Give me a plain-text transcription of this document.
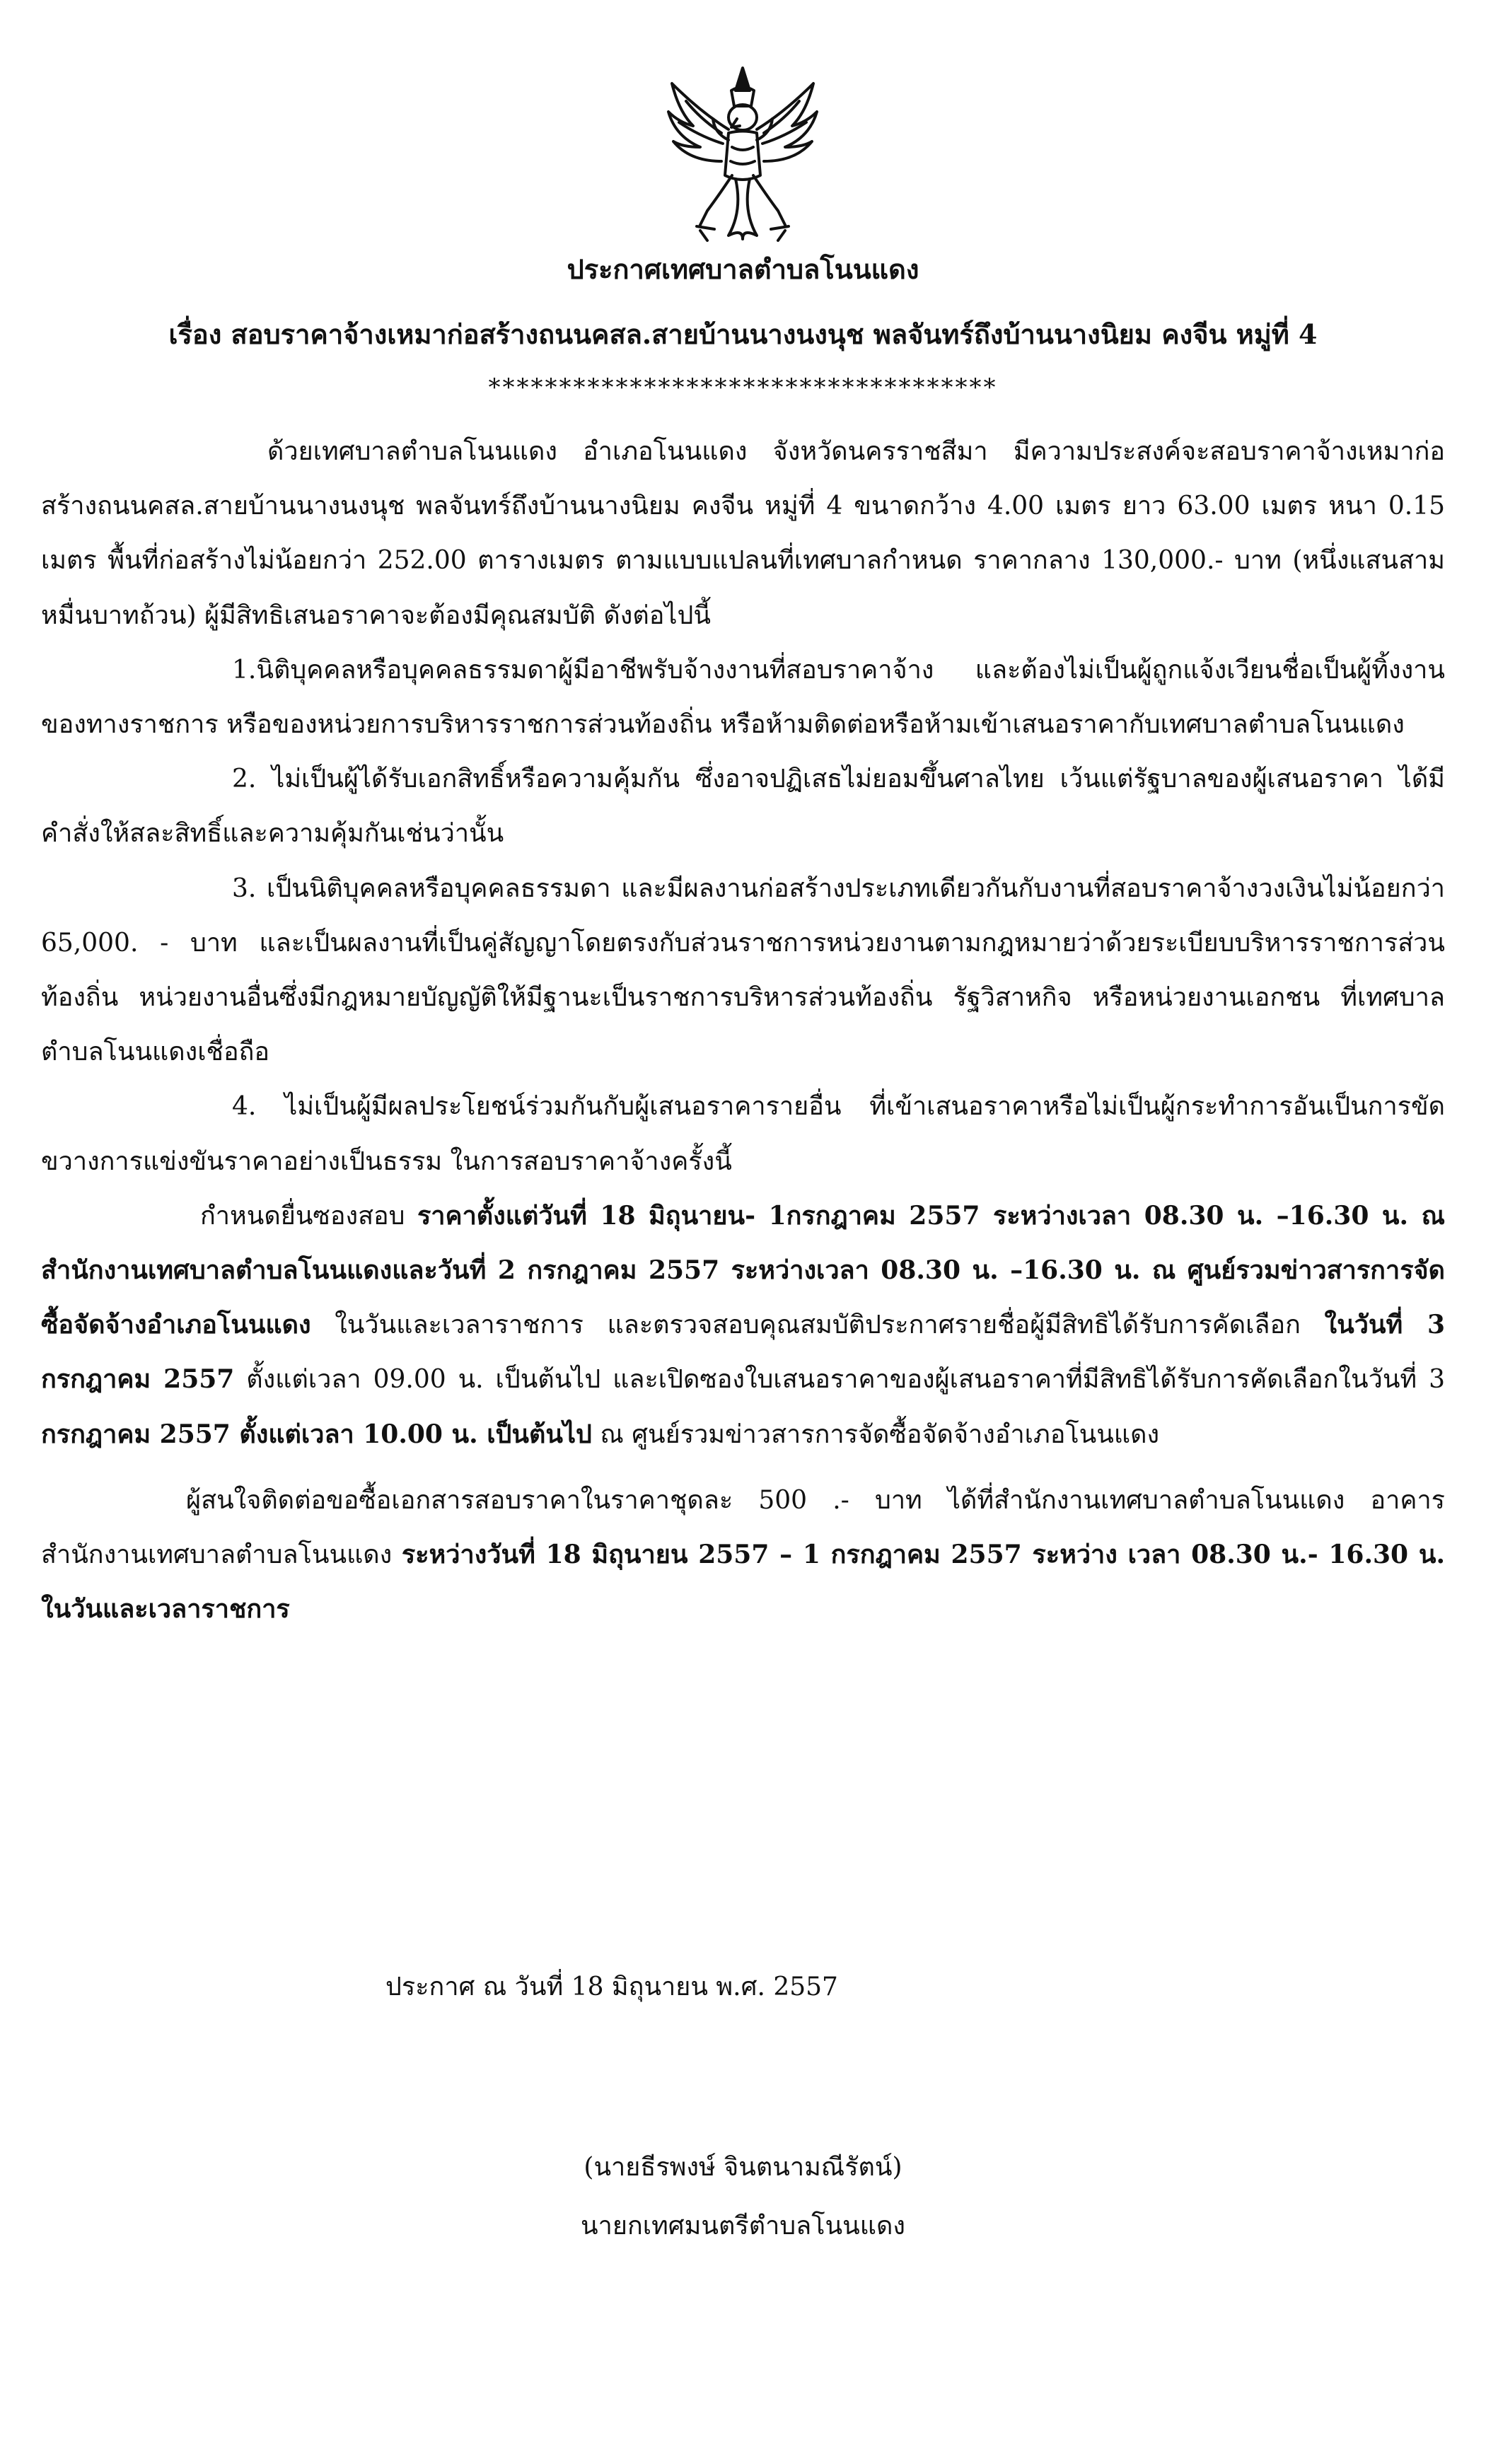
ประกาศเทศบาลตำบลโนนแดง
เรื่อง สอบราคาจ้างเหมาก่อสร้างถนนคสล.สายบ้านนางนงนุช พลจันทร์ถึงบ้านนางนิยม คงจีน หมู่ที่ 4
************************************

ด้วยเทศบาลตำบลโนนแดง อำเภอโนนแดง จังหวัดนครราชสีมา มีความประสงค์จะสอบราคาจ้างเหมาก่อสร้างถนนคสล.สายบ้านนางนงนุช พลจันทร์ถึงบ้านนางนิยม คงจีน หมู่ที่ 4 ขนาดกว้าง 4.00 เมตร ยาว 63.00 เมตร หนา 0.15 เมตร พื้นที่ก่อสร้างไม่น้อยกว่า 252.00 ตารางเมตร ตามแบบแปลนที่เทศบาลกำหนด ราคากลาง 130,000.- บาท (หนึ่งแสนสามหมื่นบาทถ้วน) ผู้มีสิทธิเสนอราคาจะต้องมีคุณสมบัติ ดังต่อไปนี้

1.นิติบุคคลหรือบุคคลธรรมดาผู้มีอาชีพรับจ้างงานที่สอบราคาจ้าง และต้องไม่เป็นผู้ถูกแจ้งเวียนชื่อเป็นผู้ทิ้งงานของทางราชการ หรือของหน่วยการบริหารราชการส่วนท้องถิ่น หรือห้ามติดต่อหรือห้ามเข้าเสนอราคากับเทศบาลตำบลโนนแดง

2. ไม่เป็นผู้ได้รับเอกสิทธิ์หรือความคุ้มกัน ซึ่งอาจปฏิเสธไม่ยอมขึ้นศาลไทย เว้นแต่รัฐบาลของผู้เสนอราคา ได้มีคำสั่งให้สละสิทธิ์และความคุ้มกันเช่นว่านั้น

3. เป็นนิติบุคคลหรือบุคคลธรรมดา และมีผลงานก่อสร้างประเภทเดียวกันกับงานที่สอบราคาจ้างวงเงินไม่น้อยกว่า 65,000. - บาท และเป็นผลงานที่เป็นคู่สัญญาโดยตรงกับส่วนราชการหน่วยงานตามกฎหมายว่าด้วยระเบียบบริหารราชการส่วนท้องถิ่น หน่วยงานอื่นซึ่งมีกฎหมายบัญญัติให้มีฐานะเป็นราชการบริหารส่วนท้องถิ่น รัฐวิสาหกิจ หรือหน่วยงานเอกชน ที่เทศบาลตำบลโนนแดงเชื่อถือ

4. ไม่เป็นผู้มีผลประโยชน์ร่วมกันกับผู้เสนอราคารายอื่น ที่เข้าเสนอราคาหรือไม่เป็นผู้กระทำการอันเป็นการขัดขวางการแข่งขันราคาอย่างเป็นธรรม ในการสอบราคาจ้างครั้งนี้

กำหนดยื่นซองสอบ ราคาตั้งแต่วันที่ 18 มิถุนายน- 1กรกฎาคม 2557 ระหว่างเวลา 08.30 น. –16.30 น. ณ สำนักงานเทศบาลตำบลโนนแดงและวันที่ 2 กรกฎาคม 2557 ระหว่างเวลา 08.30 น. –16.30 น. ณ ศูนย์รวมข่าวสารการจัดซื้อจัดจ้างอำเภอโนนแดง ในวันและเวลาราชการ และตรวจสอบคุณสมบัติประกาศรายชื่อผู้มีสิทธิได้รับการคัดเลือก ในวันที่ 3 กรกฎาคม 2557 ตั้งแต่เวลา 09.00 น. เป็นต้นไป และเปิดซองใบเสนอราคาของผู้เสนอราคาที่มีสิทธิได้รับการคัดเลือกในวันที่ 3 กรกฎาคม 2557 ตั้งแต่เวลา 10.00 น. เป็นต้นไป ณ ศูนย์รวมข่าวสารการจัดซื้อจัดจ้างอำเภอโนนแดง

ผู้สนใจติดต่อขอซื้อเอกสารสอบราคาในราคาชุดละ 500 .- บาท ได้ที่สำนักงานเทศบาลตำบลโนนแดง อาคารสำนักงานเทศบาลตำบลโนนแดง ระหว่างวันที่ 18 มิถุนายน 2557 – 1 กรกฎาคม 2557 ระหว่าง เวลา 08.30 น.- 16.30 น. ในวันและเวลาราชการ

ประกาศ ณ วันที่ 18 มิถุนายน พ.ศ. 2557
(นายธีรพงษ์ จินตนามณีรัตน์)
นายกเทศมนตรีตำบลโนนแดง
